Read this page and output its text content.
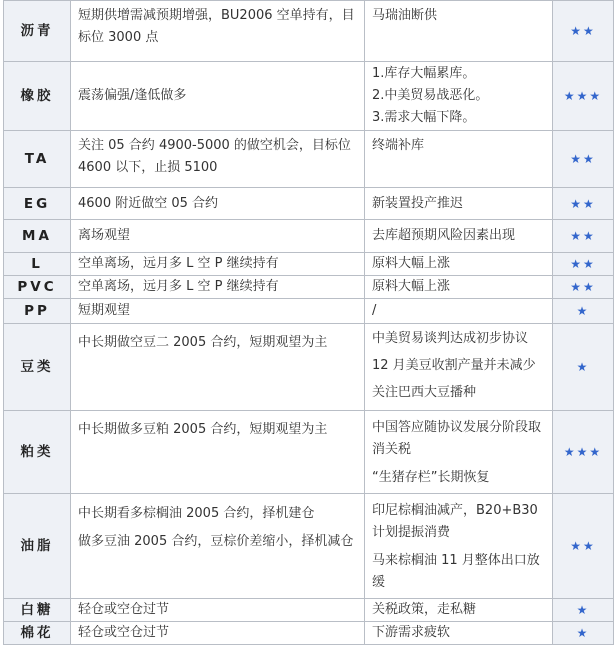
沥青	短期供增需减预期增强，BU2006 空单持有，目标位 3000 点	马瑞油断供	★★
橡胶	震荡偏强/逢低做多	1.库存大幅累库。
2.中美贸易战恶化。
3.需求大幅下降。	★★★
TA	关注 05 合约 4900-5000 的做空机会，目标位 4600 以下，止损 5100	终端补库	★★
EG	4600 附近做空 05 合约	新装置投产推迟	★★
MA	离场观望	去库超预期风险因素出现	★★
L	空单离场，远月多 L 空 P 继续持有	原料大幅上涨	★★
PVC	空单离场，远月多 L 空 P 继续持有	原料大幅上涨	★★
PP	短期观望	/	★
豆类	中长期做空豆二 2005 合约，短期观望为主	中美贸易谈判达成初步协议
12 月美豆收割产量并未减少
关注巴西大豆播种	★
粕类	中长期做多豆粕 2005 合约，短期观望为主	中国答应随协议发展分阶段取消关税
“生猪存栏”长期恢复	★★★
油脂	中长期看多棕榈油 2005 合约，择机建仓
做多豆油 2005 合约，豆棕价差缩小，择机减仓	印尼棕榈油减产，B20+B30 计划提振消费
马来棕榈油 11 月整体出口放缓	★★
白糖	轻仓或空仓过节	关税政策，走私糖	★
棉花	轻仓或空仓过节	下游需求疲软	★
